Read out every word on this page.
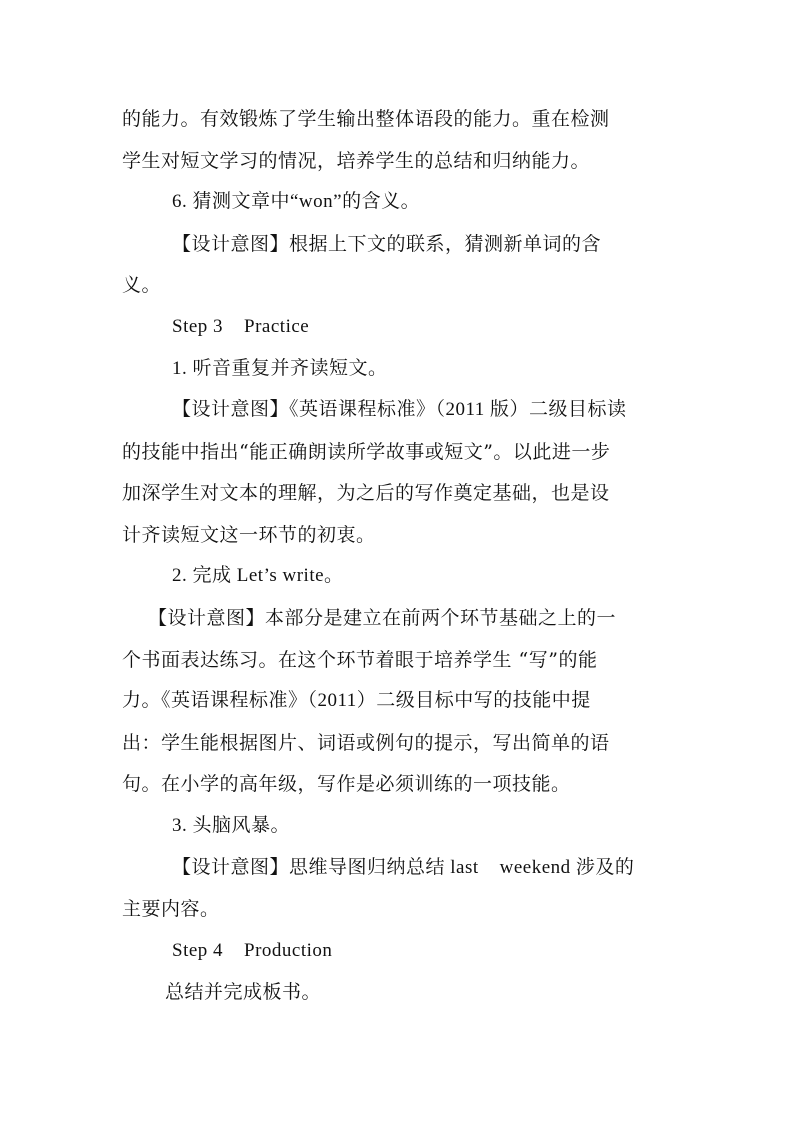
的能力。有效锻炼了学生输出整体语段的能力。重在检测
学生对短文学习的情况，培养学生的总结和归纳能力。
6. 猜测文章中“won”的含义。
【设计意图】根据上下文的联系，猜测新单词的含
义。
Step 3    Practice
1. 听音重复并齐读短文。
【设计意图】《英语课程标准》（2011 版）二级目标读
的技能中指出“能正确朗读所学故事或短文”。以此进一步
加深学生对文本的理解，为之后的写作奠定基础，也是设
计齐读短文这一环节的初衷。
2. 完成 Let’s write。
【设计意图】本部分是建立在前两个环节基础之上的一
个书面表达练习。在这个环节着眼于培养学生 “写”的能
力。《英语课程标准》（2011）二级目标中写的技能中提
出：学生能根据图片、词语或例句的提示，写出简单的语
句。在小学的高年级，写作是必须训练的一项技能。
3. 头脑风暴。
【设计意图】思维导图归纳总结 last    weekend 涉及的
主要内容。
Step 4    Production
总结并完成板书。
